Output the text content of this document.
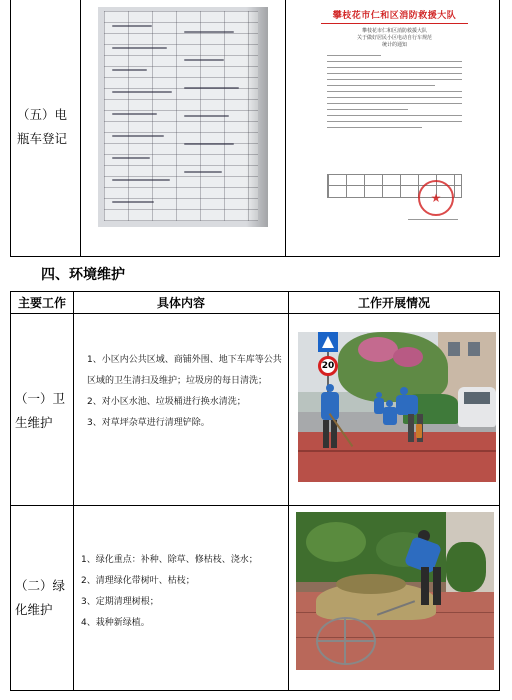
（五）电瓶车登记
攀枝花市仁和区消防救援大队
攀枝花市仁和区消防救援大队
关于做好居民小区电动自行车规范
统计的通知
★
四、环境维护
主要工作	具体内容	工作开展情况
（一）卫生维护
1、小区内公共区域、商铺外围、地下车库等公共区域的卫生清扫及维护；垃圾房的每日清洗；
2、对小区水池、垃圾桶进行换水清洗；
3、对草坪杂草进行清理铲除。
20
（二）绿化维护
1、绿化重点：补种、除草、修枯枝、浇水；
2、清理绿化带树叶、枯枝；
3、定期清理树根；
4、栽种新绿植。
